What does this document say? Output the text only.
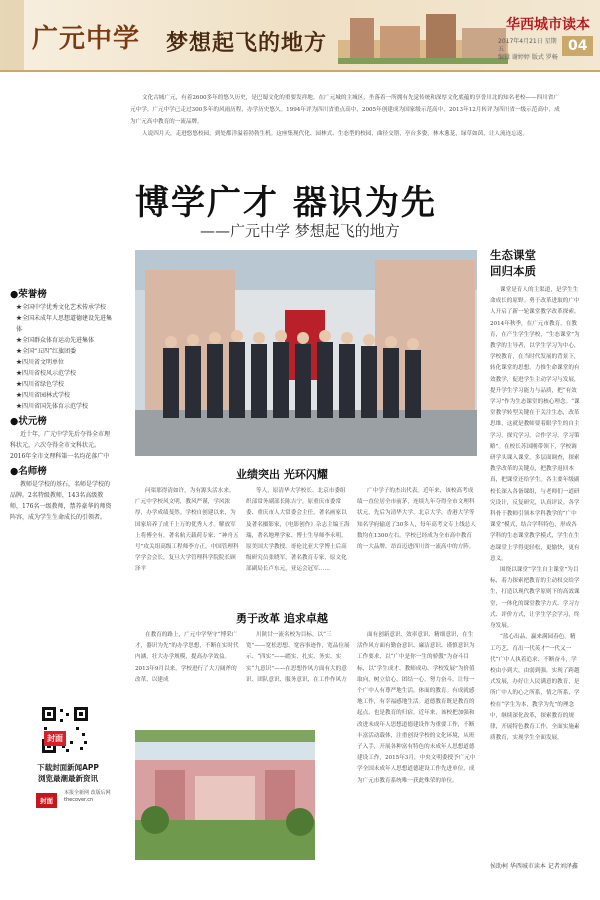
广元中学 梦想起飞的地方
华西城市读本
2017年4月21日 星期五
编辑 谢婷婷 版式 罗畅
04

文化古城广元，有着2600多年的悠久历史，是巴蜀文化的重要发祥地。在广元城的主城区，坐落着一所拥有先觉传统和深厚文化底蕴的享誉川北的知名老校——四川省广元中学。广元中学已走过300多年的风雨历程，办学历史悠久。1994年评为四川省重点高中，2005年创建成为国家级示范高中，2013年12月转评为四川省一级示范高中，成为广元高中教育的一流品牌。

人说四月天，走进悠悠校园，到处都洋溢着勃勃生机。这座集现代化、园林式、生态型的校园，曲径交错，亭台多姿，林木葱茏，绿草如茵，让人流连忘返。

博学广才 器识为先
——广元中学 梦想起飞的地方
●荣誉榜
★全国中学优秀文化艺术传承学校
★全国未成年人思想道德建设先进集体
★全国群众体育运动先进集体
★全国“五四”红旗团委
★四川省文明单位
★四川省校风示范学校
★四川省绿色学校
★四川省园林式学校
★四川省国先体育示范学校
●状元榜
近十年，广元中学先后夺得全市理科状元，六次夺得全市文科状元。2016年全市文理科第一名均花落广中
●名师榜
教师是学校的基石，名师是学校的品牌。2名特级教师，143名高级教师，176名一级教师，禁养豪华的师资阵容，成为学生生命成长的引领者。
业绩突出 光环闪耀
问渠那得清如许，为有源头活水来。广元中学校风文明，教风严谨，学风浓厚，办学成绩斐然。学校自创建以来，为国家培养了成千上万的优秀人才。解放军上将傅全有，著名航天载荷专家、“神舟五号”攻关组高级工程师李方正，中国管理科学学会会长，复旦大学管理科学院院长顾泽平
等人，原清华大学校长、北京市委组织部常务副部长陈吉宁，原重庆市委常委、重庆市人大常委会主任，著名画家以及著名摄影家，《电影创作》杂志主编王海瑞，著名地理学家、博士生导师李永明，原美国大学教授、哥伦比亚大学博士后高级研究员张晓军，著名教育专家，原文化部副局长卢东元，亚运会冠军……
广中学子的杰出代表。近年来，该校高考成绩一直位居全市前茅，连续九年夺得全市文理科状元，先后为清华大学、北京大学、香港大学等知名学府输送了30多人，每年高考文专上线总人数均在1300左右。学校已经成为全市高中教育的一大品牌，昂首迈进四川省一流高中的方阵。
勇于改革 追求卓越
在教育的路上，广元中学坚守“博采广才，器识为先”的办学思想，不断在实时代内涵，壮大办学规模，提高办学效益。2013年9月以来，学校进行了大刀阔斧的改革，以建成
川陕甘一流名校为目标，以“三宽”——宽松思想、宽容事迹作，宽品位展示、“四实”——踏实、扎实、务实、实实“九意识”——在思想作风方面有大的意识、团队意识、服务意识，在工作作风方
面有创新意识、效率意识、精细意识，在生活作风方面有勤奋意识、廉洁意识、谨慎意识为工作要求，以“广中是你一生的骄傲”为奋斗目标，以“学生成才、教师成功、学校发展”为价值取向，树立信心，团结一心，努力奋斗，让每一个广中人有尊严地生活，体面的教育。有成就感地工作，有幸福感地生活。道德教育既是教育的起点，也是教育的归宿。近年来，该校把加强和改进未成年人思想道德建设作为重要工作，不断丰富活动载体，注重创设学校的文化环境，从班子入手，开展各种富有特色的未成年人思想道德建设工作，2015年3月，中央文明委授予广元中学全国未成年人思想道德建设工作先进单位，成为广元市教育系统唯一获此殊荣的单位。
生态课堂
回归本质

课堂是育人的主渠道，是学生生命成长的原野。勇于改革进取的广中人开启了新一轮课堂教学改革探索。2014年秋季，在广元市教育，在教育，在产生学生学校，“生态课堂”为教学的主导者，以学生学习为中心，学校教育，在当时代发展的背景下，转化课堂的思想，力推生命课堂的有效教学，促进学生主动学习与发展，提升学生学习能力与品质，把“有效学习”作为生态课堂的核心理念。“课堂教学转型关键在于关注生态，改革思维，这就是教师要着眼学生的自主学习，探究学习，合作学习，学习策略”。在校长苏国刚带领下，学校调研学头课入课堂，多层面调查，探索教学改革的关键点，把教学返回本真，把课堂还给学生。各主要年级副校长深入各备课组，与老师们一道研究设计，反复研究，认真评议。各学科骨干教师引领本学科教学的“广中课堂”模式，结合学科特色，形成各学科的生态课堂教学模式，学生在生态课堂上学得更轻松，更愉快，更有意义。

围绕以课堂“学生自主课堂”为目标，着力探索把教育的主动权交给学生，打造以现代教学原则下的高效课堂，一体化的课堂教学方式、学习方式、评价方式，让学生学会学习，终身发展。

“蓝心出品，赢来满园春色。精工巧艺、育出一代英才”一代又一代“广中人执着追求、不断奋斗，学校由小到大，由弱到强，实现了跨越式发展，办好让人民满意的教育，是所广中人的心之所系，情之所系，学校在“学生为本，教学为先”的理念中，继续深化改革，探索教育的规律，开展特色教育工作，全面实施素质教育，实现学生全面发展。

侯助柯 华西城市读本 记者刘泽鑫
封面
下载封面新闻APP
浏览最潮最新资讯
封面
本报全新网 改版后网 thecover.cn
